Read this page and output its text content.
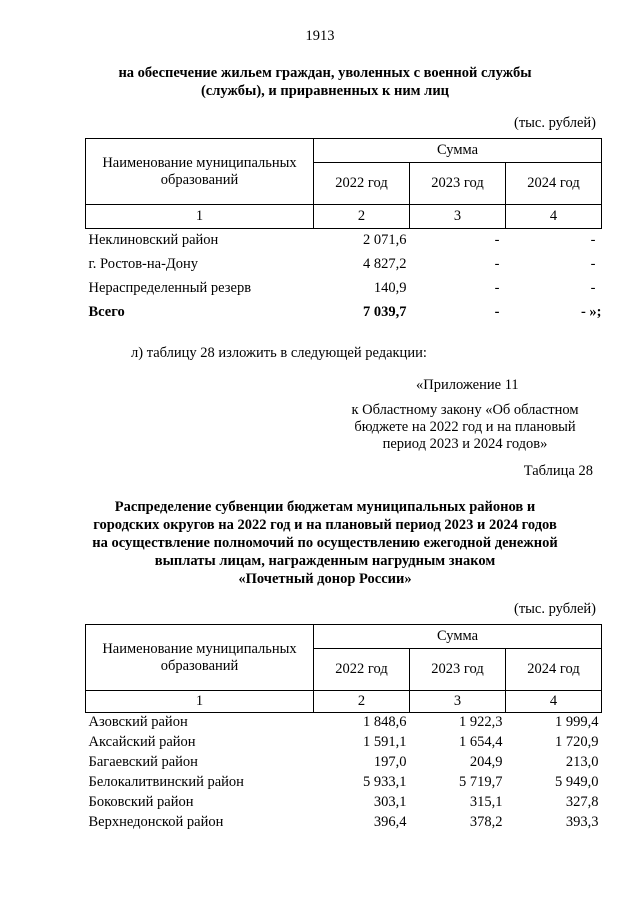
1913
на обеспечение жильем граждан, уволенных с военной службы
(службы), и приравненных к ним лиц
(тыс. рублей)
Наименование муниципальных образований	Сумма		
	2022 год	2023 год	2024 год
1	2	3	4
Неклиновский район	2 071,6	-	-
г. Ростов-на-Дону	4 827,2	-	-
Нераспределенный резерв	140,9	-	-
Всего	7 039,7	-	- »;
л) таблицу 28 изложить в следующей редакции:
«Приложение 11
к Областному закону «Об областном
бюджете на 2022 год и на плановый
период 2023 и 2024 годов»
Таблица 28
Распределение субвенции бюджетам муниципальных районов и
городских округов на 2022 год и на плановый период 2023 и 2024 годов
на осуществление полномочий по осуществлению ежегодной денежной
выплаты лицам, награжденным нагрудным знаком
«Почетный донор России»
(тыс. рублей)
Наименование муниципальных образований	Сумма		
	2022 год	2023 год	2024 год
1	2	3	4
Азовский район	1 848,6	1 922,3	1 999,4
Аксайский район	1 591,1	1 654,4	1 720,9
Багаевский район	197,0	204,9	213,0
Белокалитвинский район	5 933,1	5 719,7	5 949,0
Боковский район	303,1	315,1	327,8
Верхнедонской район	396,4	378,2	393,3
